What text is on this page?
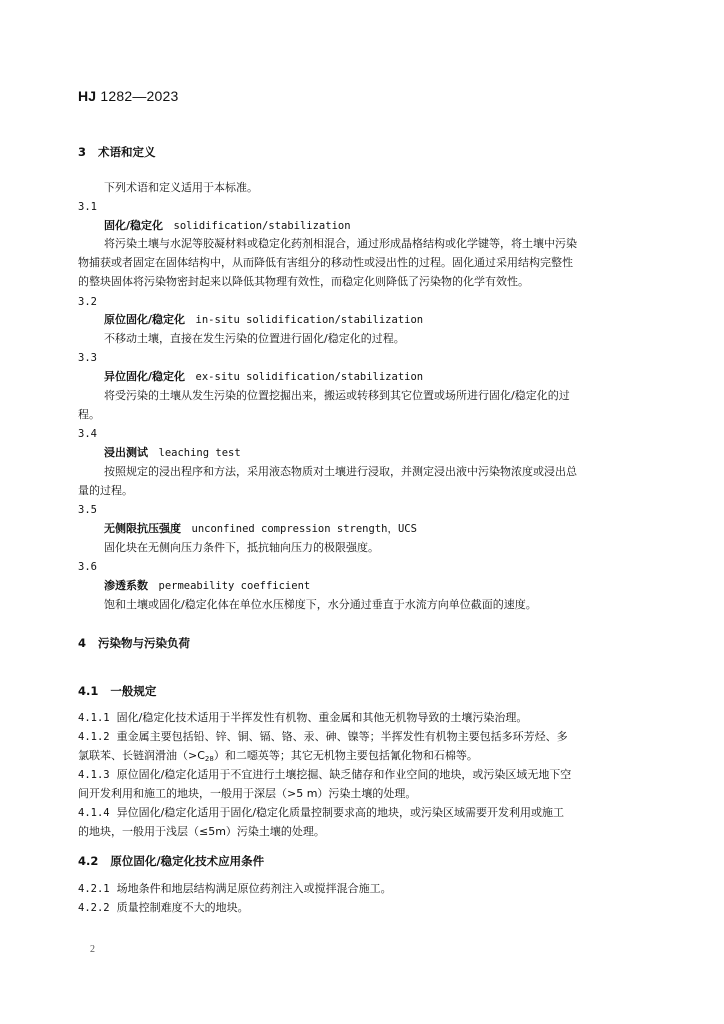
HJ 1282—2023
3 术语和定义
下列术语和定义适用于本标准。
3.1
固化/稳定化 solidification/stabilization
将污染土壤与水泥等胶凝材料或稳定化药剂相混合，通过形成晶格结构或化学键等，将土壤中污染
物捕获或者固定在固体结构中，从而降低有害组分的移动性或浸出性的过程。固化通过采用结构完整性
的整块固体将污染物密封起来以降低其物理有效性，而稳定化则降低了污染物的化学有效性。
3.2
原位固化/稳定化 in-situ solidification/stabilization
不移动土壤，直接在发生污染的位置进行固化/稳定化的过程。
3.3
异位固化/稳定化 ex-situ solidification/stabilization
将受污染的土壤从发生污染的位置挖掘出来，搬运或转移到其它位置或场所进行固化/稳定化的过
程。
3.4
浸出测试 leaching test
按照规定的浸出程序和方法，采用液态物质对土壤进行浸取，并测定浸出液中污染物浓度或浸出总
量的过程。
3.5
无侧限抗压强度 unconfined compression strength，UCS
固化块在无侧向压力条件下，抵抗轴向压力的极限强度。
3.6
渗透系数 permeability coefficient
饱和土壤或固化/稳定化体在单位水压梯度下，水分通过垂直于水流方向单位截面的速度。
4 污染物与污染负荷
4.1 一般规定
4.1.1 固化/稳定化技术适用于半挥发性有机物、重金属和其他无机物导致的土壤污染治理。
4.1.2 重金属主要包括铅、锌、铜、镉、铬、汞、砷、镍等；半挥发性有机物主要包括多环芳烃、多
氯联苯、长链润滑油$(>C_{28})$和二噁英等；其它无机物主要包括氰化物和石棉等。
4.1.3 原位固化/稳定化适用于不宜进行土壤挖掘、缺乏储存和作业空间的地块，或污染区域无地下空
间开发利用和施工的地块，一般用于深层（>5 m）污染土壤的处理。
4.1.4 异位固化/稳定化适用于固化/稳定化质量控制要求高的地块，或污染区域需要开发利用或施工
的地块，一般用于浅层（≤5m）污染土壤的处理。
4.2 原位固化/稳定化技术应用条件
4.2.1 场地条件和地层结构满足原位药剂注入或搅拌混合施工。
4.2.2 质量控制难度不大的地块。
2
